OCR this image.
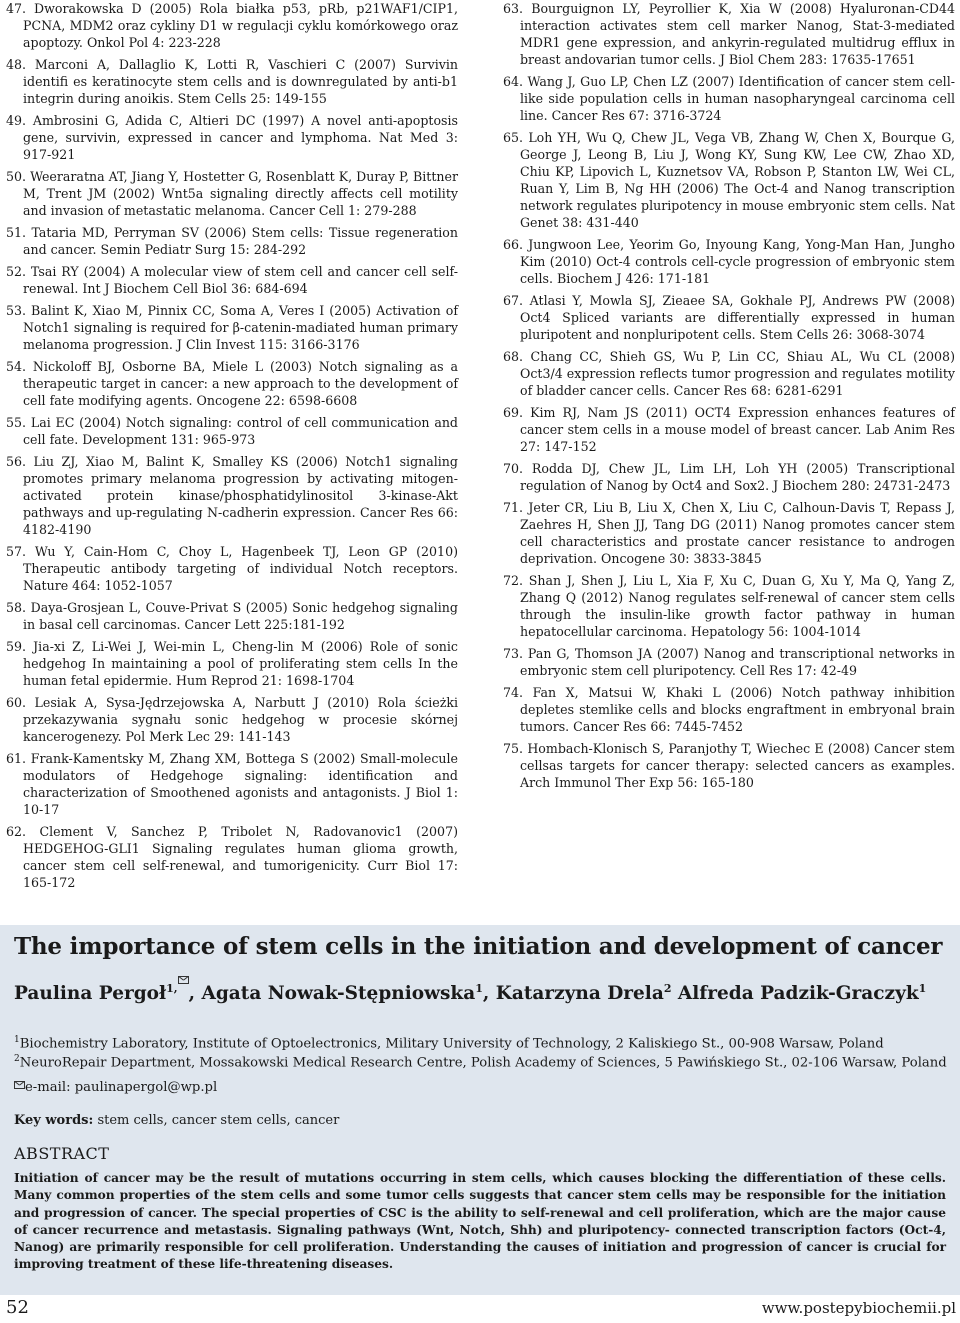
47. Dworakowska D (2005) Rola białka p53, pRb, p21WAF1/CIP1, PCNA, MDM2 oraz cykliny D1 w regulacji cyklu komórkowego oraz apoptozy. Onkol Pol 4: 223-228
48. Marconi A, Dallaglio K, Lotti R, Vaschieri C (2007) Survivin identifi es keratinocyte stem cells and is downregulated by anti-b1 integrin during anoikis. Stem Cells 25: 149-155
49. Ambrosini G, Adida C, Altieri DC (1997) A novel anti-apoptosis gene, survivin, expressed in cancer and lymphoma. Nat Med 3: 917-921
50. Weeraratna AT, Jiang Y, Hostetter G, Rosenblatt K, Duray P, Bittner M, Trent JM (2002) Wnt5a signaling directly affects cell motility and invasion of metastatic melanoma. Cancer Cell 1: 279-288
51. Tataria MD, Perryman SV (2006) Stem cells: Tissue regeneration and cancer. Semin Pediatr Surg 15: 284-292
52. Tsai RY (2004) A molecular view of stem cell and cancer cell self-renewal. Int J Biochem Cell Biol 36: 684-694
53. Balint K, Xiao M, Pinnix CC, Soma A, Veres I (2005) Activation of Notch1 signaling is required for β-catenin-madiated human primary melanoma progression. J Clin Invest 115: 3166-3176
54. Nickoloff BJ, Osborne BA, Miele L (2003) Notch signaling as a therapeutic target in cancer: a new approach to the development of cell fate modifying agents. Oncogene 22: 6598-6608
55. Lai EC (2004) Notch signaling: control of cell communication and cell fate. Development 131: 965-973
56. Liu ZJ, Xiao M, Balint K, Smalley KS (2006) Notch1 signaling promotes primary melanoma progression by activating mitogen-activated protein kinase/phosphatidylinositol 3-kinase-Akt pathways and up-regulating N-cadherin expression. Cancer Res 66: 4182-4190
57. Wu Y, Cain-Hom C, Choy L, Hagenbeek TJ, Leon GP (2010) Therapeutic antibody targeting of individual Notch receptors. Nature 464: 1052-1057
58. Daya-Grosjean L, Couve-Privat S (2005) Sonic hedgehog signaling in basal cell carcinomas. Cancer Lett 225:181-192
59. Jia-xi Z, Li-Wei J, Wei-min L, Cheng-lin M (2006) Role of sonic hedgehog In maintaining a pool of proliferating stem cells In the human fetal epidermie. Hum Reprod 21: 1698-1704
60. Lesiak A, Sysa-Jędrzejowska A, Narbutt J (2010) Rola ścieżki przekazywania sygnału sonic hedgehog w procesie skórnej kancerogenezy. Pol Merk Lec 29: 141-143
61. Frank-Kamentsky M, Zhang XM, Bottega S (2002) Small-molecule modulators of Hedgehoge signaling: identification and characterization of Smoothened agonists and antagonists. J Biol 1: 10-17
62. Clement V, Sanchez P, Tribolet N, Radovanovic1 (2007) HEDGEHOG-GLI1 Signaling regulates human glioma growth, cancer stem cell self-renewal, and tumorigenicity. Curr Biol 17: 165-172
63. Bourguignon LY, Peyrollier K, Xia W (2008) Hyaluronan-CD44 interaction activates stem cell marker Nanog, Stat-3-mediated MDR1 gene expression, and ankyrin-regulated multidrug efflux in breast andovarian tumor cells. J Biol Chem 283: 17635-17651
64. Wang J, Guo LP, Chen LZ (2007) Identification of cancer stem cell-like side population cells in human nasopharyngeal carcinoma cell line. Cancer Res 67: 3716-3724
65. Loh YH, Wu Q, Chew JL, Vega VB, Zhang W, Chen X, Bourque G, George J, Leong B, Liu J, Wong KY, Sung KW, Lee CW, Zhao XD, Chiu KP, Lipovich L, Kuznetsov VA, Robson P, Stanton LW, Wei CL, Ruan Y, Lim B, Ng HH (2006) The Oct-4 and Nanog transcription network regulates pluripotency in mouse embryonic stem cells. Nat Genet 38: 431-440
66. Jungwoon Lee, Yeorim Go, Inyoung Kang, Yong-Man Han, Jungho Kim (2010) Oct-4 controls cell-cycle progression of embryonic stem cells. Biochem J 426: 171-181
67. Atlasi Y, Mowla SJ, Zieaee SA, Gokhale PJ, Andrews PW (2008) Oct4 Spliced variants are differentially expressed in human pluripotent and nonpluripotent cells. Stem Cells 26: 3068-3074
68. Chang CC, Shieh GS, Wu P, Lin CC, Shiau AL, Wu CL (2008) Oct3/4 expression reflects tumor progression and regulates motility of bladder cancer cells. Cancer Res 68: 6281-6291
69. Kim RJ, Nam JS (2011) OCT4 Expression enhances features of cancer stem cells in a mouse model of breast cancer. Lab Anim Res 27: 147-152
70. Rodda DJ, Chew JL, Lim LH, Loh YH (2005) Transcriptional regulation of Nanog by Oct4 and Sox2. J Biochem 280: 24731-2473
71. Jeter CR, Liu B, Liu X, Chen X, Liu C, Calhoun-Davis T, Repass J, Zaehres H, Shen JJ, Tang DG (2011) Nanog promotes cancer stem cell characteristics and prostate cancer resistance to androgen deprivation. Oncogene 30: 3833-3845
72. Shan J, Shen J, Liu L, Xia F, Xu C, Duan G, Xu Y, Ma Q, Yang Z, Zhang Q (2012) Nanog regulates self-renewal of cancer stem cells through the insulin-like growth factor pathway in human hepatocellular carcinoma. Hepatology 56: 1004-1014
73. Pan G, Thomson JA (2007) Nanog and transcriptional networks in embryonic stem cell pluripotency. Cell Res 17: 42-49
74. Fan X, Matsui W, Khaki L (2006) Notch pathway inhibition depletes stemlike cells and blocks engraftment in embryonal brain tumors. Cancer Res 66: 7445-7452
75. Hombach-Klonisch S, Paranjothy T, Wiechec E (2008) Cancer stem cellsas targets for cancer therapy: selected cancers as examples. Arch Immunol Ther Exp 56: 165-180
The importance of stem cells in the initiation and development of cancer
Paulina Pergoł$^{1,}$ , Agata Nowak-Stępniowska$^1$, Katarzyna Drela$^2$ Alfreda Padzik-Graczyk$^1$
$^1$Biochemistry Laboratory, Institute of Optoelectronics, Military University of Technology, 2 Kaliskiego St., 00-908 Warsaw, Poland
$^2$NeuroRepair Department, Mossakowski Medical Research Centre, Polish Academy of Sciences, 5 Pawińskiego St., 02-106 Warsaw, Poland
e-mail: paulinapergol@wp.pl
Key words: stem cells, cancer stem cells, cancer
ABSTRACT
Initiation of cancer may be the result of mutations occurring in stem cells, which causes blocking the differentiation of these cells. Many common properties of the stem cells and some tumor cells suggests that cancer stem cells may be responsible for the initiation and progression of cancer. The special properties of CSC is the ability to self-renewal and cell proliferation, which are the major cause of cancer recurrence and metastasis. Signaling pathways (Wnt, Notch, Shh) and pluripotency- connected transcription factors (Oct-4, Nanog) are primarily responsible for cell proliferation. Understanding the causes of initiation and progression of cancer is crucial for improving treatment of these life-threatening diseases.
52	www.postepybiochemii.pl
